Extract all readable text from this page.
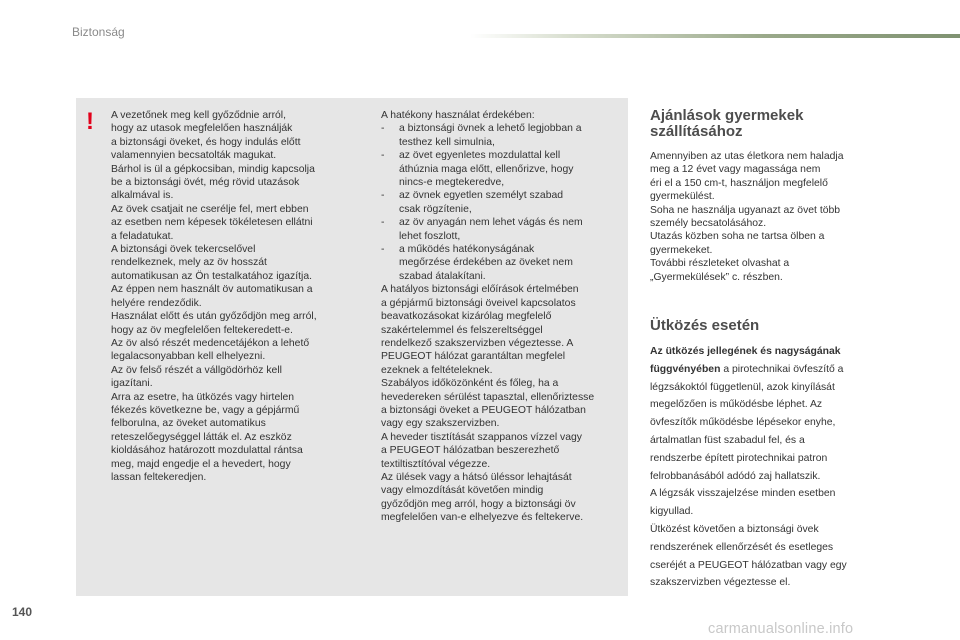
Biztonság
! A vezetőnek meg kell győződnie arról,

hogy az utasok megfelelően használják

a biztonsági öveket, és hogy indulás előtt

valamennyien becsatolták magukat.

Bárhol is ül a gépkocsiban, mindig kapcsolja

be a biztonsági övét, még rövid utazások

alkalmával is.

Az övek csatjait ne cserélje fel, mert ebben

az esetben nem képesek tökéletesen ellátni

a feladatukat.

A biztonsági övek tekercselővel

rendelkeznek, mely az öv hosszát

automatikusan az Ön testalkatához igazítja.

Az éppen nem használt öv automatikusan a

helyére rendeződik.

Használat előtt és után győződjön meg arról,

hogy az öv megfelelően feltekeredett-e.

Az öv alsó részét medencetájékon a lehető

legalacsonyabban kell elhelyezni.

Az öv felső részét a vállgödörhöz kell

igazítani.

Arra az esetre, ha ütközés vagy hirtelen

fékezés következne be, vagy a gépjármű

felborulna, az öveket automatikus

reteszelőegységgel látták el. Az eszköz

kioldásához határozott mozdulattal rántsa

meg, majd engedje el a hevedert, hogy

lassan feltekeredjen.

A hatékony használat érdekében:

- a biztonsági övnek a lehető legjobban a
testhez kell simulnia,
- az övet egyenletes mozdulattal kell
áthúznia maga előtt, ellenőrizve, hogy
nincs-e megtekeredve,
- az övnek egyetlen személyt szabad
csak rögzítenie,
- az öv anyagán nem lehet vágás és nem
lehet foszlott,
- a működés hatékonyságának
megőrzése érdekében az öveket nem
szabad átalakítani.

A hatályos biztonsági előírások értelmében

a gépjármű biztonsági öveivel kapcsolatos

beavatkozásokat kizárólag megfelelő

szakértelemmel és felszereltséggel

rendelkező szakszervizben végeztesse. A

PEUGEOT hálózat garantáltan megfelel

ezeknek a feltételeknek.

Szabályos időközönként és főleg, ha a

hevedereken sérülést tapasztal, ellenőriztesse

a biztonsági öveket a PEUGEOT hálózatban

vagy egy szakszervizben.

A heveder tisztítását szappanos vízzel vagy

a PEUGEOT hálózatban beszerezhető

textiltisztítóval végezze.

Az ülések vagy a hátsó üléssor lehajtását

vagy elmozdítását követően mindig

győződjön meg arról, hogy a biztonsági öv

megfelelően van-e elhelyezve és feltekerve.

Ajánlások gyermekek
szállításához

Amennyiben az utas életkora nem haladja

meg a 12 évet vagy magassága nem

éri el a 150 cm-t, használjon megfelelő

gyermekülést.

Soha ne használja ugyanazt az övet több

személy becsatolásához.

Utazás közben soha ne tartsa ölben a

gyermekeket.

További részleteket olvashat a

„Gyermekülések” c. részben.

Ütközés esetén

Az ütközés jellegének és nagyságának

függvényében a pirotechnikai övfeszítő a

légzsákoktól függetlenül, azok kinyílását

megelőzően is működésbe léphet. Az

övfeszítők működésbe lépésekor enyhe,

ártalmatlan füst szabadul fel, és a

rendszerbe épített pirotechnikai patron

felrobbanásából adódó zaj hallatszik.

A légzsák visszajelzése minden esetben

kigyullad.

Ütközést követően a biztonsági övek

rendszerének ellenőrzését és esetleges

cseréjét a PEUGEOT hálózatban vagy egy

szakszervizben végeztesse el.

140
carmanualsonline.info
